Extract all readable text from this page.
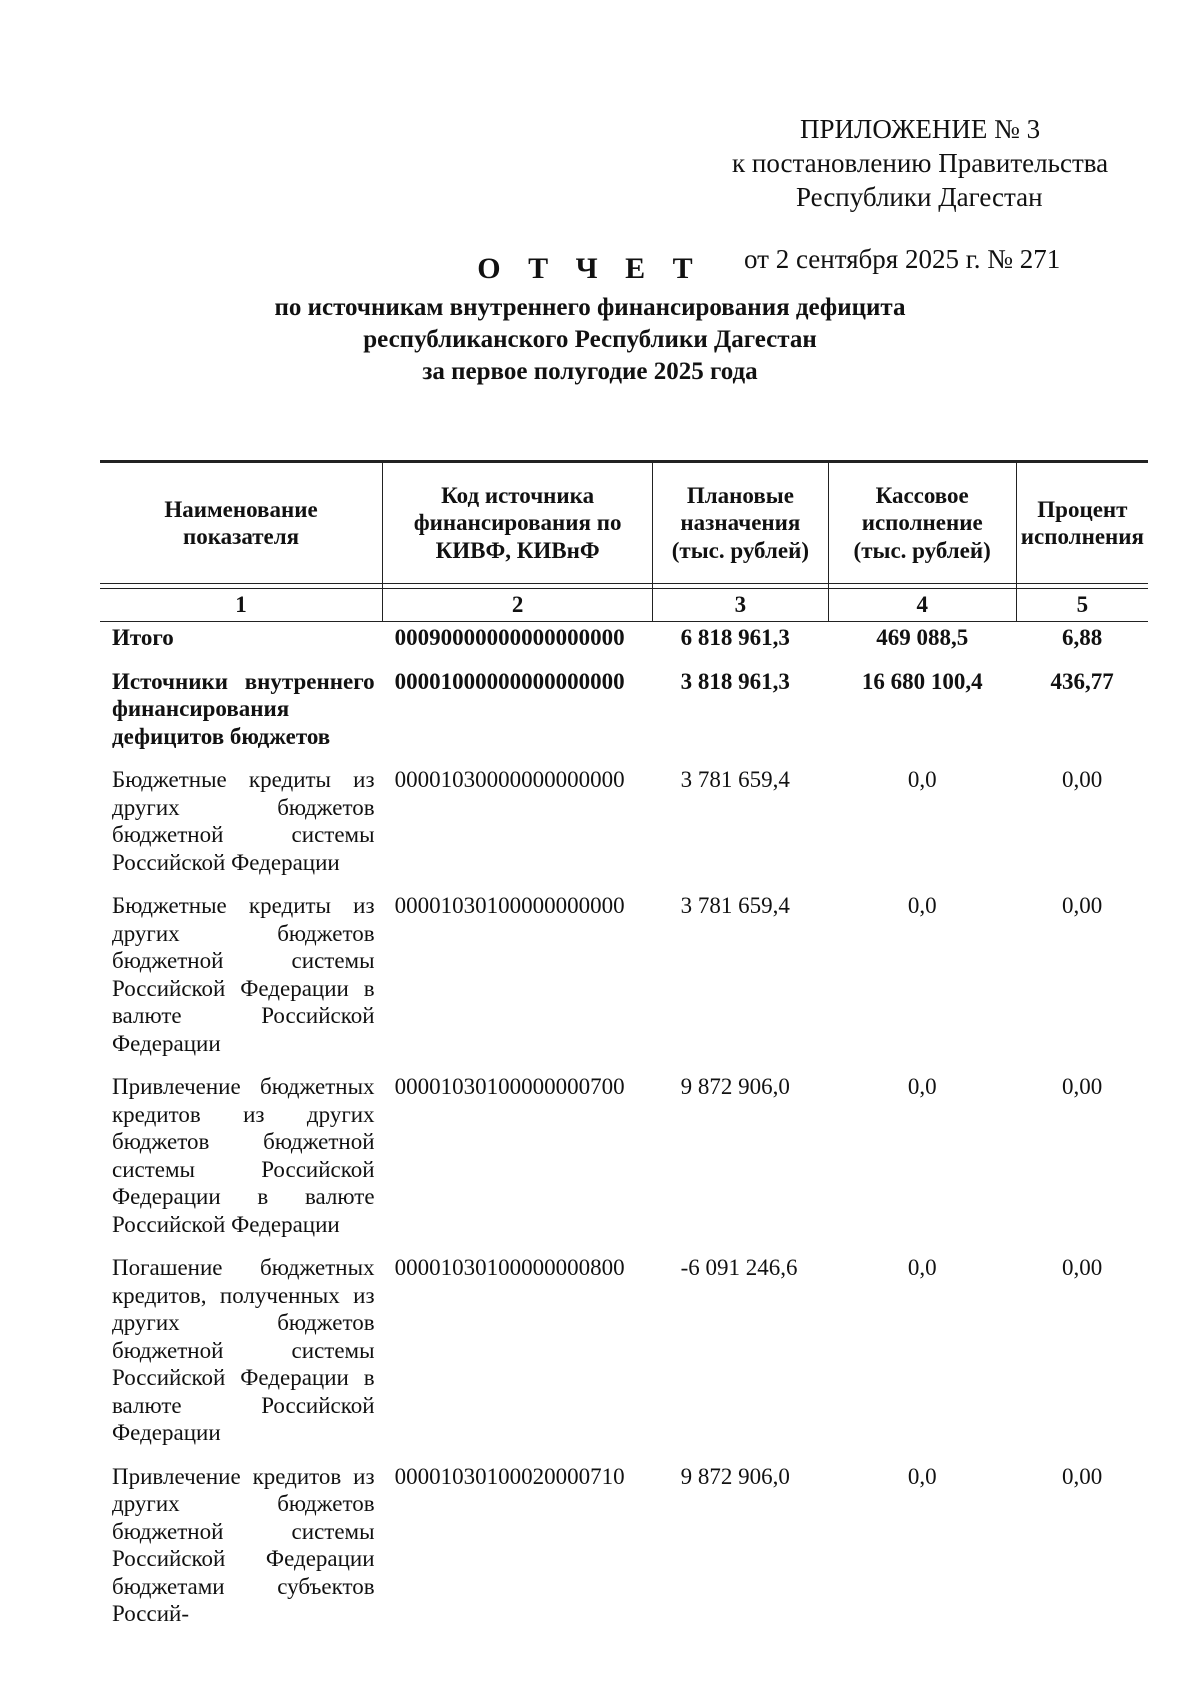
ПРИЛОЖЕНИЕ № 3
к постановлению Правительства
Республики Дагестан
от 2 сентября 2025 г. № 271
О Т Ч Е Т
по источникам внутреннего финансирования дефицита
республиканского Республики Дагестан
за первое полугодие 2025 года
Наименование показателя	Код источника финансирования по КИВФ, КИВнФ	Плановые назначения (тыс. рублей)	Кассовое исполнение (тыс. рублей)	Процент исполнения

1	2	3	4	5
Итого	00090000000000000000	6 818 961,3	469 088,5	6,88
Источники внутреннего финансирования дефицитов бюджетов	00001000000000000000	3 818 961,3	16 680 100,4	436,77
Бюджетные кредиты из других бюджетов бюджетной системы Российской Федерации	00001030000000000000	3 781 659,4	0,0	0,00
Бюджетные кредиты из других бюджетов бюджетной системы Российской Федерации в валюте Российской Федерации	00001030100000000000	3 781 659,4	0,0	0,00
Привлечение бюджетных кредитов из других бюджетов бюджетной системы Российской Федерации в валюте Российской Федерации	00001030100000000700	9 872 906,0	0,0	0,00
Погашение бюджетных кредитов, полученных из других бюджетов бюджетной системы Российской Федерации в валюте Российской Федерации	00001030100000000800	-6 091 246,6	0,0	0,00
Привлечение кредитов из других бюджетов бюджетной системы Российской Федерации бюджетами субъектов Россий-	00001030100020000710	9 872 906,0	0,0	0,00
